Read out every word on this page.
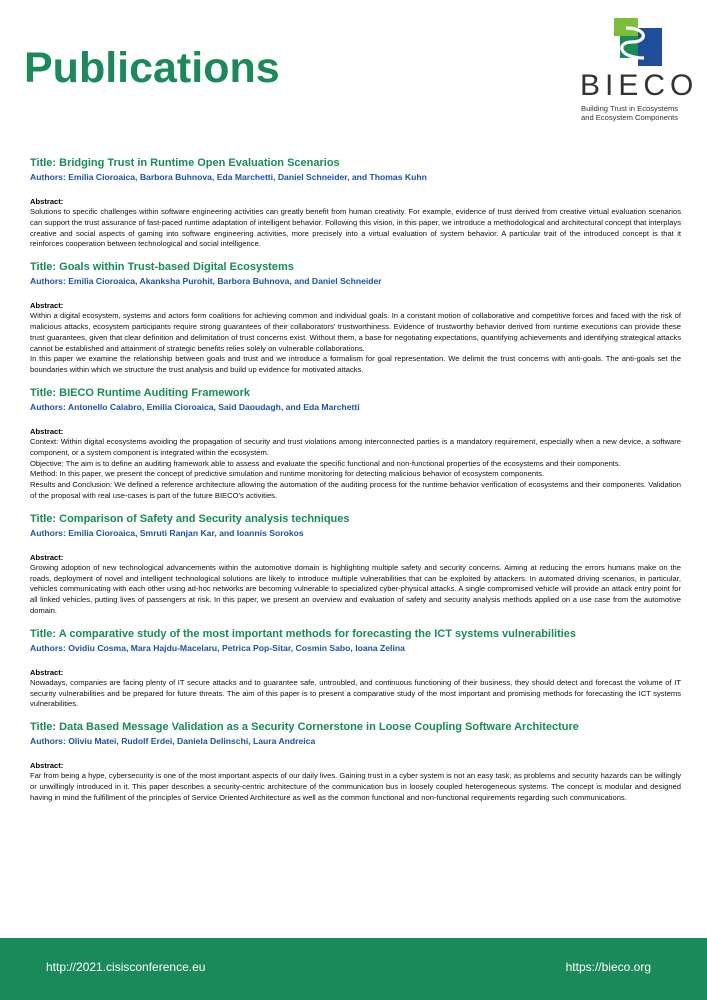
Publications	BIECO
Building Trust in Ecosystems
and Ecosystem Components

Title: Bridging Trust in Runtime Open Evaluation Scenarios

Authors: Emilia Cioroaica, Barbora Buhnova, Eda Marchetti, Daniel Schneider, and Thomas Kuhn

Abstract:

Solutions to specific challenges within software engineering activities can greatly benefit from human creativity. For example, evidence of trust derived from creative virtual evaluation scenarios can support the trust assurance of fast-paced runtime adaptation of intelligent behavior. Following this vision, in this paper, we introduce a methodological and architectural concept that interplays creative and social aspects of gaming into software engineering activities, more precisely into a virtual evaluation of system behavior. A particular trait of the introduced concept is that it reinforces cooperation between technological and social intelligence.

Title: Goals within Trust-based Digital Ecosystems

Authors: Emilia Cioroaica, Akanksha Purohit, Barbora Buhnova, and Daniel Schneider

Abstract:

Within a digital ecosystem, systems and actors form coalitions for achieving common and individual goals. In a constant motion of collaborative and competitive forces and faced with the risk of malicious attacks, ecosystem participants require strong guarantees of their collaborators' trustworthiness. Evidence of trustworthy behavior derived from runtime executions can provide these trust guarantees, given that clear definition and delimitation of trust concerns exist. Without them, a base for negotiating expectations, quantifying achievements and identifying strategical attacks cannot be established and attainment of strategic benefits relies solely on vulnerable collaborations.

In this paper we examine the relationship between goals and trust and we introduce a formalism for goal representation. We delimit the trust concerns with anti-goals. The anti-goals set the boundaries within which we structure the trust analysis and build up evidence for motivated attacks.

Title: BIECO Runtime Auditing Framework

Authors: Antonello Calabro, Emilia Cioroaica, Said Daoudagh, and Eda Marchetti

Abstract:

Context: Within digital ecosystems avoiding the propagation of security and trust violations among interconnected parties is a mandatory requirement, especially when a new device, a software component, or a system component is integrated within the ecosystem.

Objective: The aim is to define an auditing framework able to assess and evaluate the specific functional and non-functional properties of the ecosystems and their components.

Method: In this paper, we present the concept of predictive simulation and runtime monitoring for detecting malicious behavior of ecosystem components.

Results and Conclusion: We defined a reference architecture allowing the automation of the auditing process for the runtime behavior verification of ecosystems and their components. Validation of the proposal with real use-cases is part of the future BIECO's activities.

Title: Comparison of Safety and Security analysis techniques

Authors: Emilia Cioroaica, Smruti Ranjan Kar, and Ioannis Sorokos

Abstract:

Growing adoption of new technological advancements within the automotive domain is highlighting multiple safety and security concerns. Aiming at reducing the errors humans make on the roads, deployment of novel and intelligent technological solutions are likely to introduce multiple vulnerabilities that can be exploited by attackers. In automated driving scenarios, in particular, vehicles communicating with each other using ad-hoc networks are becoming vulnerable to specialized cyber-physical attacks. A single compromised vehicle will provide an attack entry point for all linked vehicles, putting lives of passengers at risk. In this paper, we present an overview and evaluation of safety and security analysis methods applied on a use case from the automotive domain.

Title: A comparative study of the most important methods for forecasting the ICT systems vulnerabilities

Authors: Ovidiu Cosma, Mara Hajdu-Macelaru, Petrica Pop-Sitar, Cosmin Sabo, Ioana Zelina

Abstract:

Nowadays, companies are facing plenty of IT secure attacks and to guarantee safe, untroubled, and continuous functioning of their business, they should detect and forecast the volume of IT security vulnerabilities and be prepared for future threats. The aim of this paper is to present a comparative study of the most important and promising methods for forecasting the ICT systems vulnerabilities.

Title: Data Based Message Validation as a Security Cornerstone in Loose Coupling Software Architecture

Authors: Oliviu Matei, Rudolf Erdei, Daniela Delinschi, Laura Andreica

Abstract:

Far from being a hype, cybersecurity is one of the most important aspects of our daily lives. Gaining trust in a cyber system is not an easy task, as problems and security hazards can be willingly or unwillingly introduced in it. This paper describes a security-centric architecture of the communication bus in loosely coupled heterogeneous systems. The concept is modular and designed having in mind the fulfillment of the principles of Service Oriented Architecture as well as the common functional and non-functional requirements regarding such communications.

http://2021.cisisconference.eu	https://bieco.org
